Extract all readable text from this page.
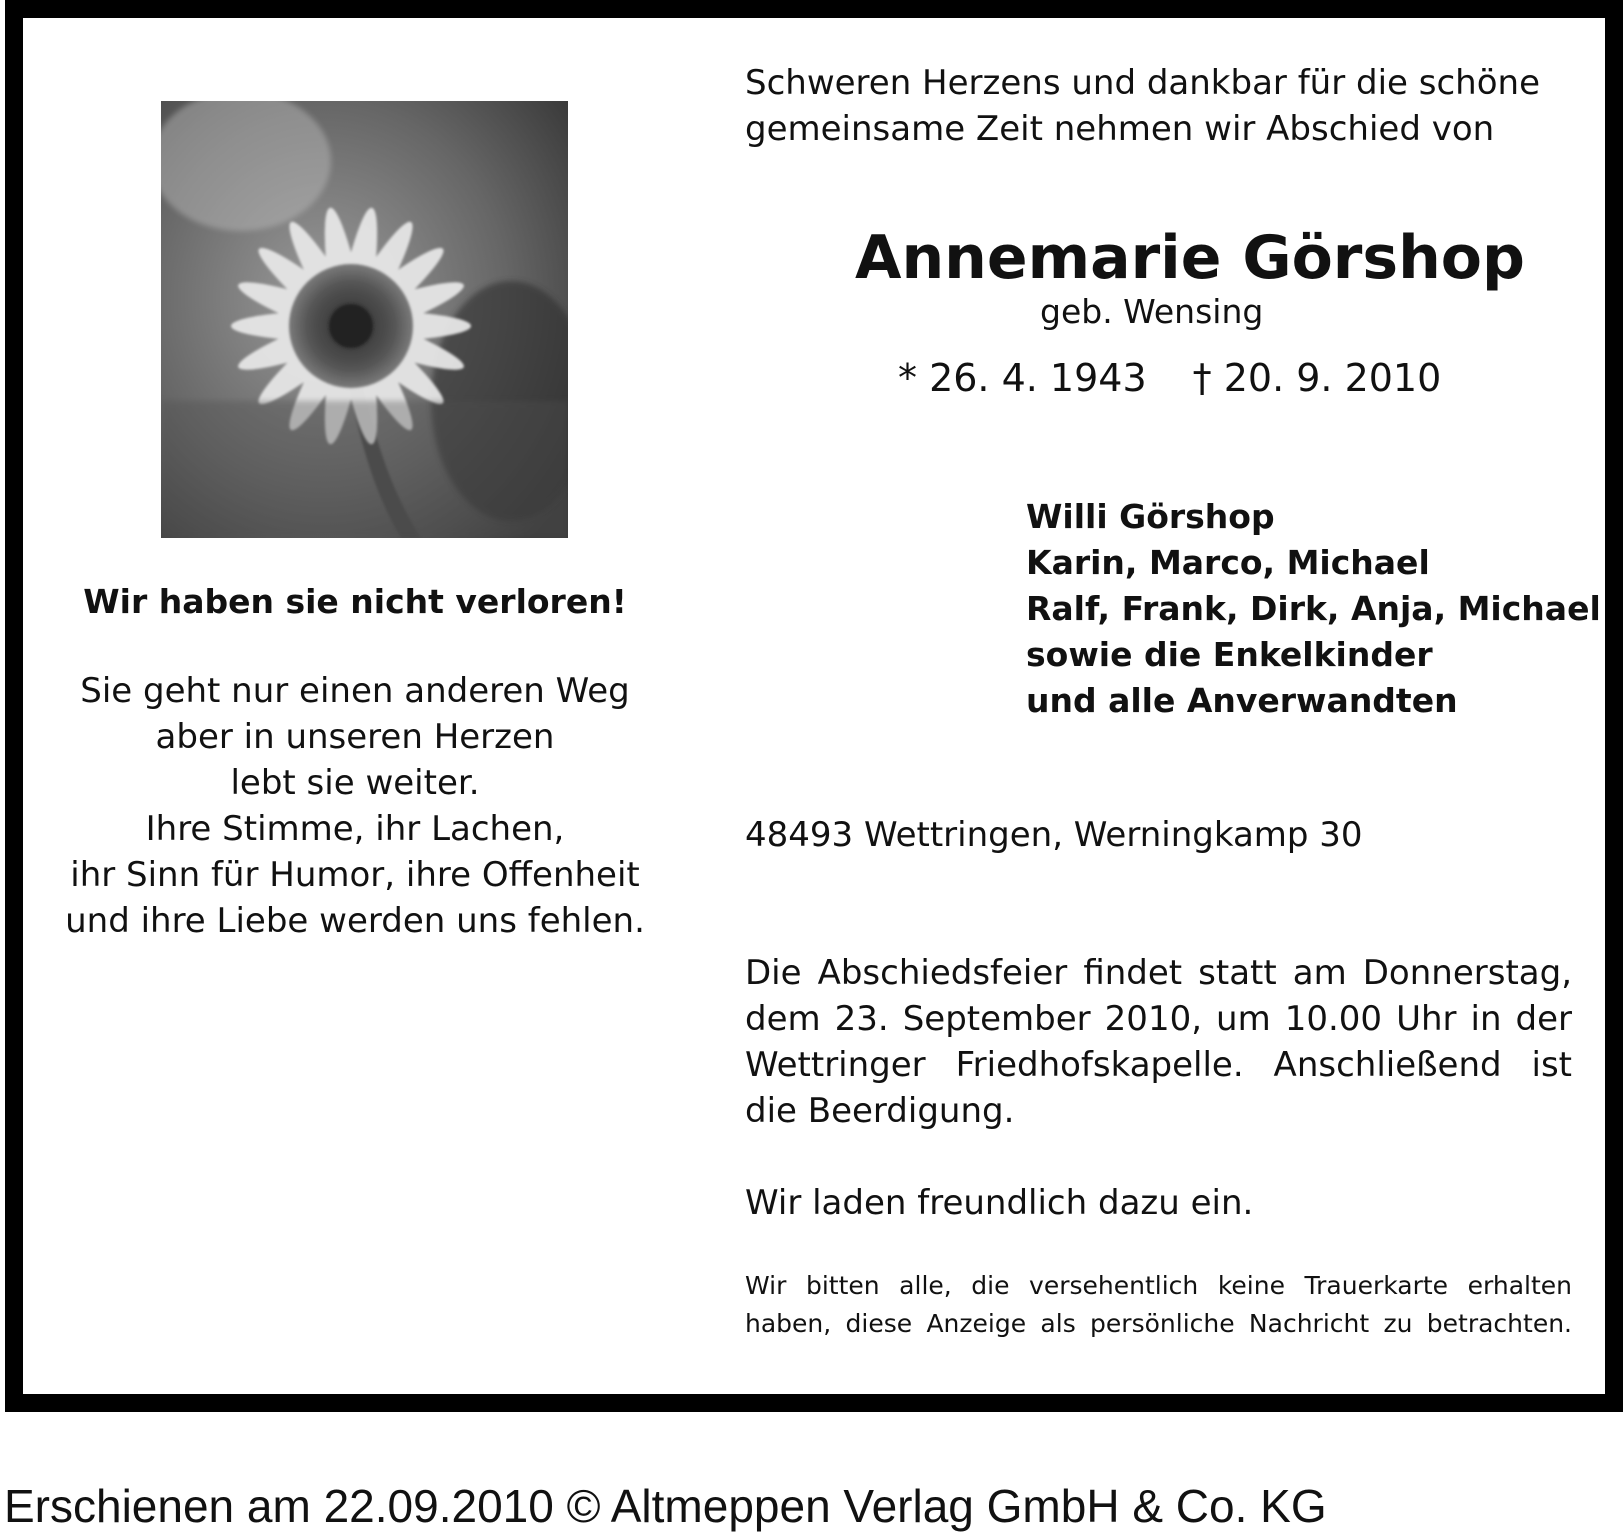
Wir haben sie nicht verloren!
Sie geht nur einen anderen Weg
aber in unseren Herzen
lebt sie weiter.
Ihre Stimme, ihr Lachen,
ihr Sinn für Humor, ihre Offenheit
und ihre Liebe werden uns fehlen.
Schweren Herzens und dankbar für die schöne
gemeinsame Zeit nehmen wir Abschied von
Annemarie Görshop
geb. Wensing
* 26. 4. 1943 † 20. 9. 2010
Willi Görshop
Karin, Marco, Michael
Ralf, Frank, Dirk, Anja, Michael
sowie die Enkelkinder
und alle Anverwandten
48493 Wettringen, Werningkamp 30
Die Abschiedsfeier findet statt am Donnerstag,
dem 23. September 2010, um 10.00 Uhr in der
Wettringer Friedhofskapelle. Anschließend ist
die Beerdigung.
Wir laden freundlich dazu ein.
Wir bitten alle, die versehentlich keine Trauerkarte erhalten
haben, diese Anzeige als persönliche Nachricht zu betrachten.
Erschienen am 22.09.2010 © Altmeppen Verlag GmbH & Co. KG
